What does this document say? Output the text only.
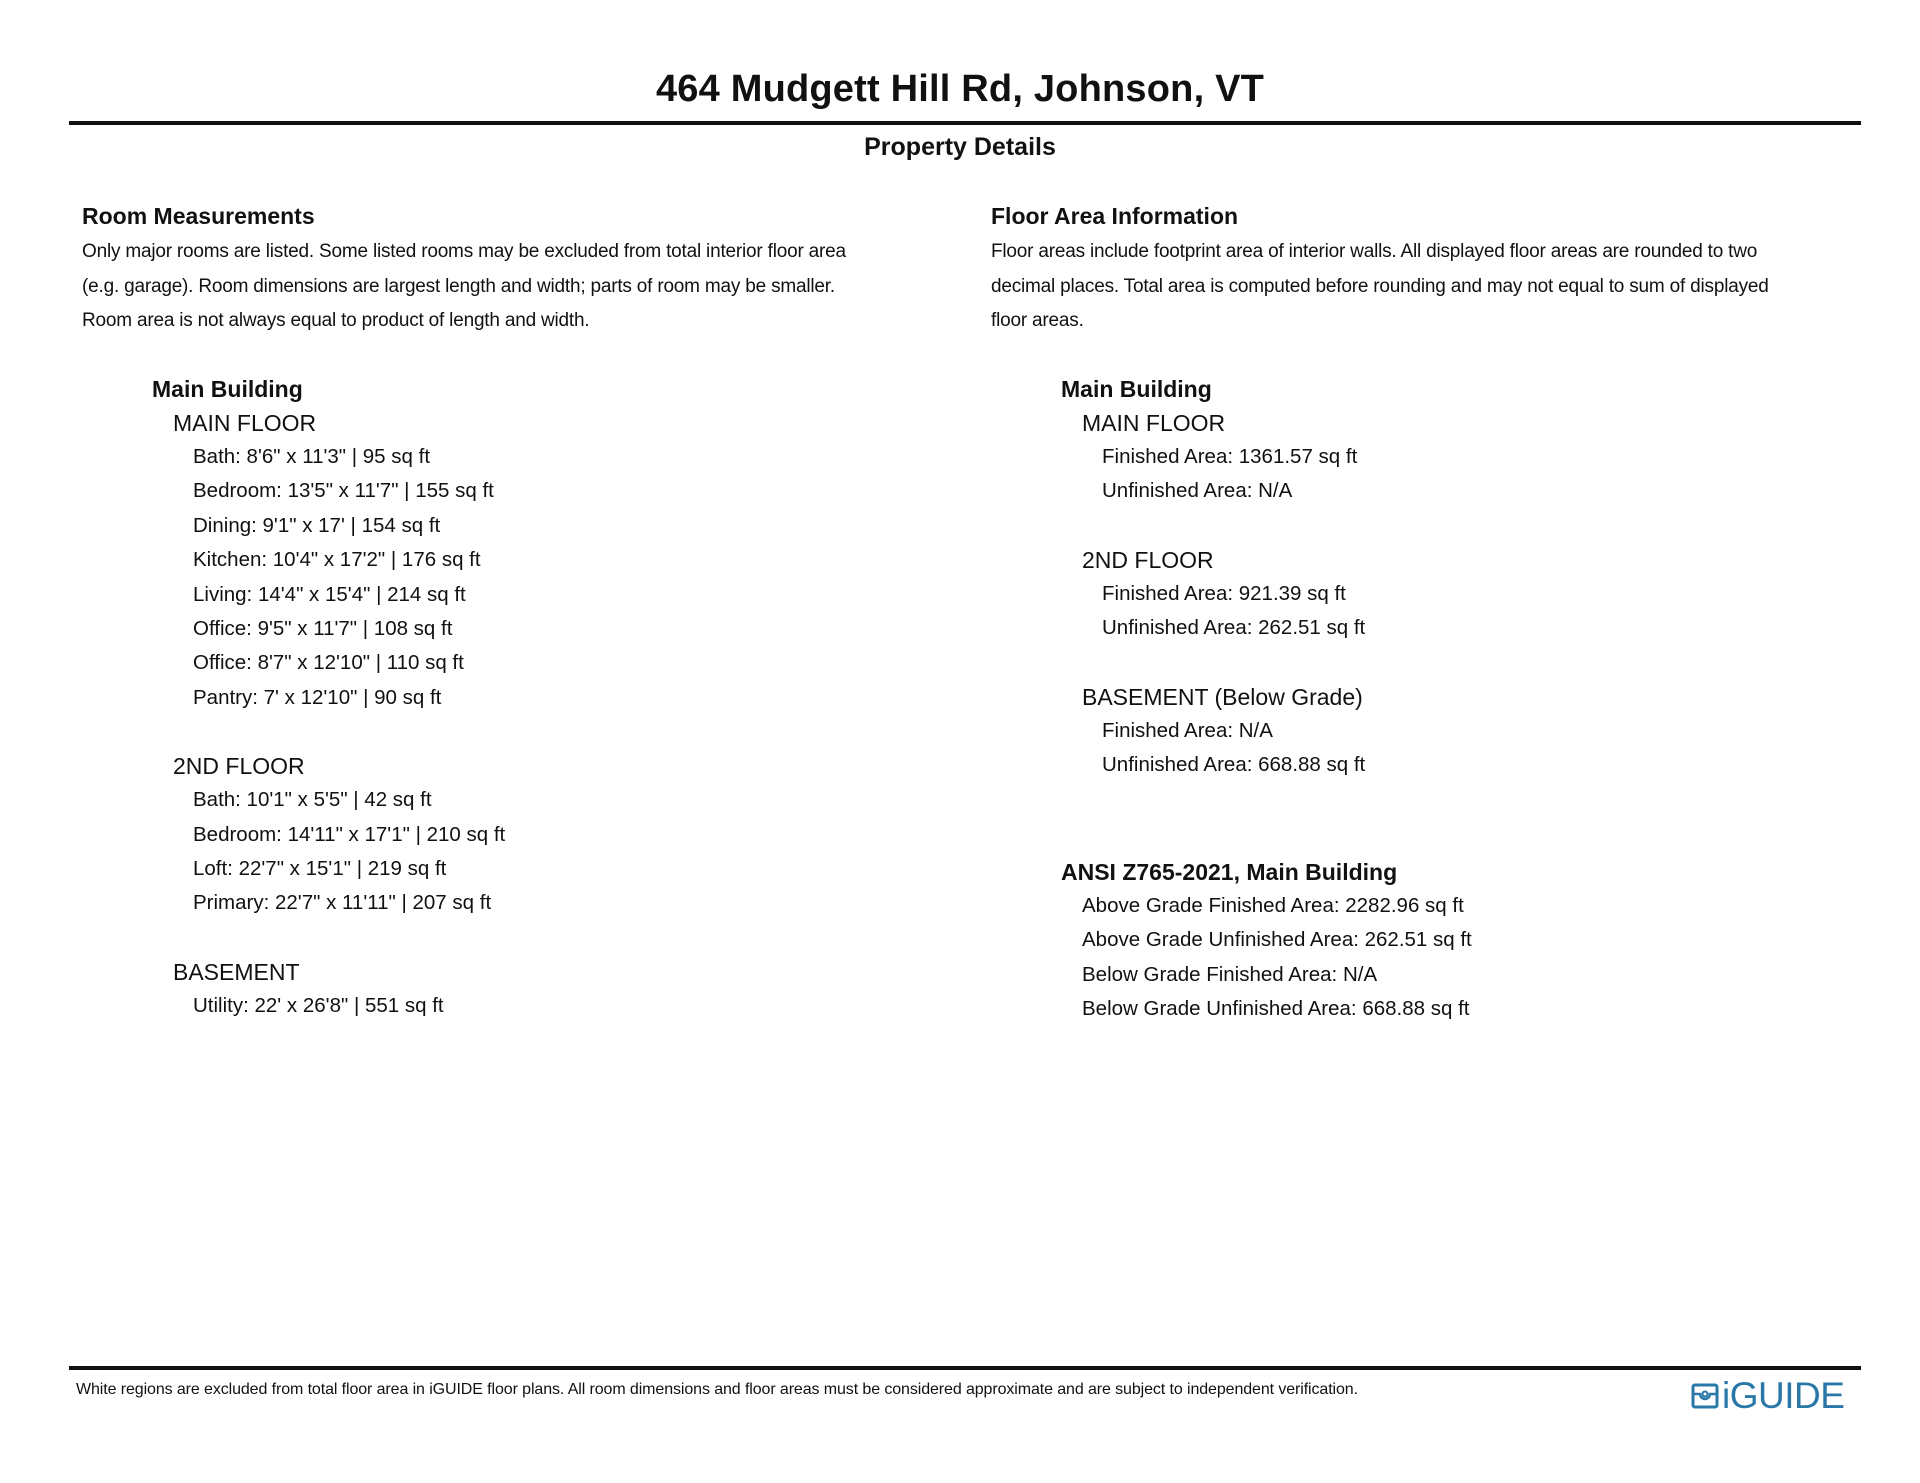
464 Mudgett Hill Rd, Johnson, VT
Property Details
Room Measurements
Only major rooms are listed. Some listed rooms may be excluded from total interior floor area
(e.g. garage). Room dimensions are largest length and width; parts of room may be smaller.
Room area is not always equal to product of length and width.
Main Building
MAIN FLOOR
Bath: 8'6" x 11'3" | 95 sq ft
Bedroom: 13'5" x 11'7" | 155 sq ft
Dining: 9'1" x 17' | 154 sq ft
Kitchen: 10'4" x 17'2" | 176 sq ft
Living: 14'4" x 15'4" | 214 sq ft
Office: 9'5" x 11'7" | 108 sq ft
Office: 8'7" x 12'10" | 110 sq ft
Pantry: 7' x 12'10" | 90 sq ft
2ND FLOOR
Bath: 10'1" x 5'5" | 42 sq ft
Bedroom: 14'11" x 17'1" | 210 sq ft
Loft: 22'7" x 15'1" | 219 sq ft
Primary: 22'7" x 11'11" | 207 sq ft
BASEMENT
Utility: 22' x 26'8" | 551 sq ft
Floor Area Information
Floor areas include footprint area of interior walls. All displayed floor areas are rounded to two
decimal places. Total area is computed before rounding and may not equal to sum of displayed
floor areas.
Main Building
MAIN FLOOR
Finished Area: 1361.57 sq ft
Unfinished Area: N/A
2ND FLOOR
Finished Area: 921.39 sq ft
Unfinished Area: 262.51 sq ft
BASEMENT (Below Grade)
Finished Area: N/A
Unfinished Area: 668.88 sq ft
ANSI Z765-2021, Main Building
Above Grade Finished Area: 2282.96 sq ft
Above Grade Unfinished Area: 262.51 sq ft
Below Grade Finished Area: N/A
Below Grade Unfinished Area: 668.88 sq ft
White regions are excluded from total floor area in iGUIDE floor plans. All room dimensions and floor areas must be considered approximate and are subject to independent verification.	iGUIDE
